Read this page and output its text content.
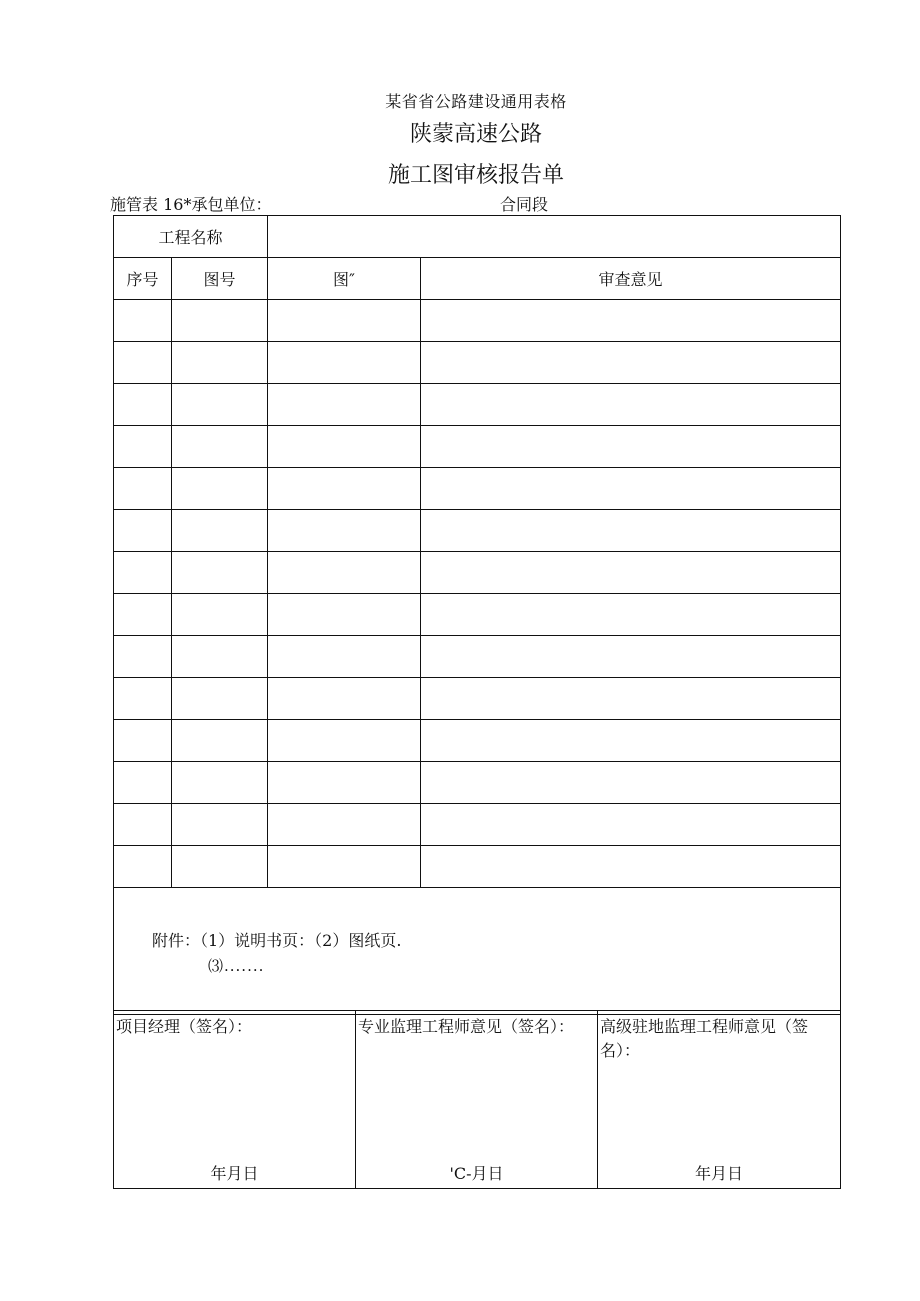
某省省公路建设通用表格
陕蒙高速公路
施工图审核报告单
施管表 16*承包单位：	合同段
工程名称			
序号	图号	图″	审查意见

附件：（1）说明书页：（2）图纸页.
⑶.......			
项目经理（签名）：
年月日

专业监理工程师意见（签名）：
'C-月日

高级驻地监理工程师意见（签名）：
年月日
